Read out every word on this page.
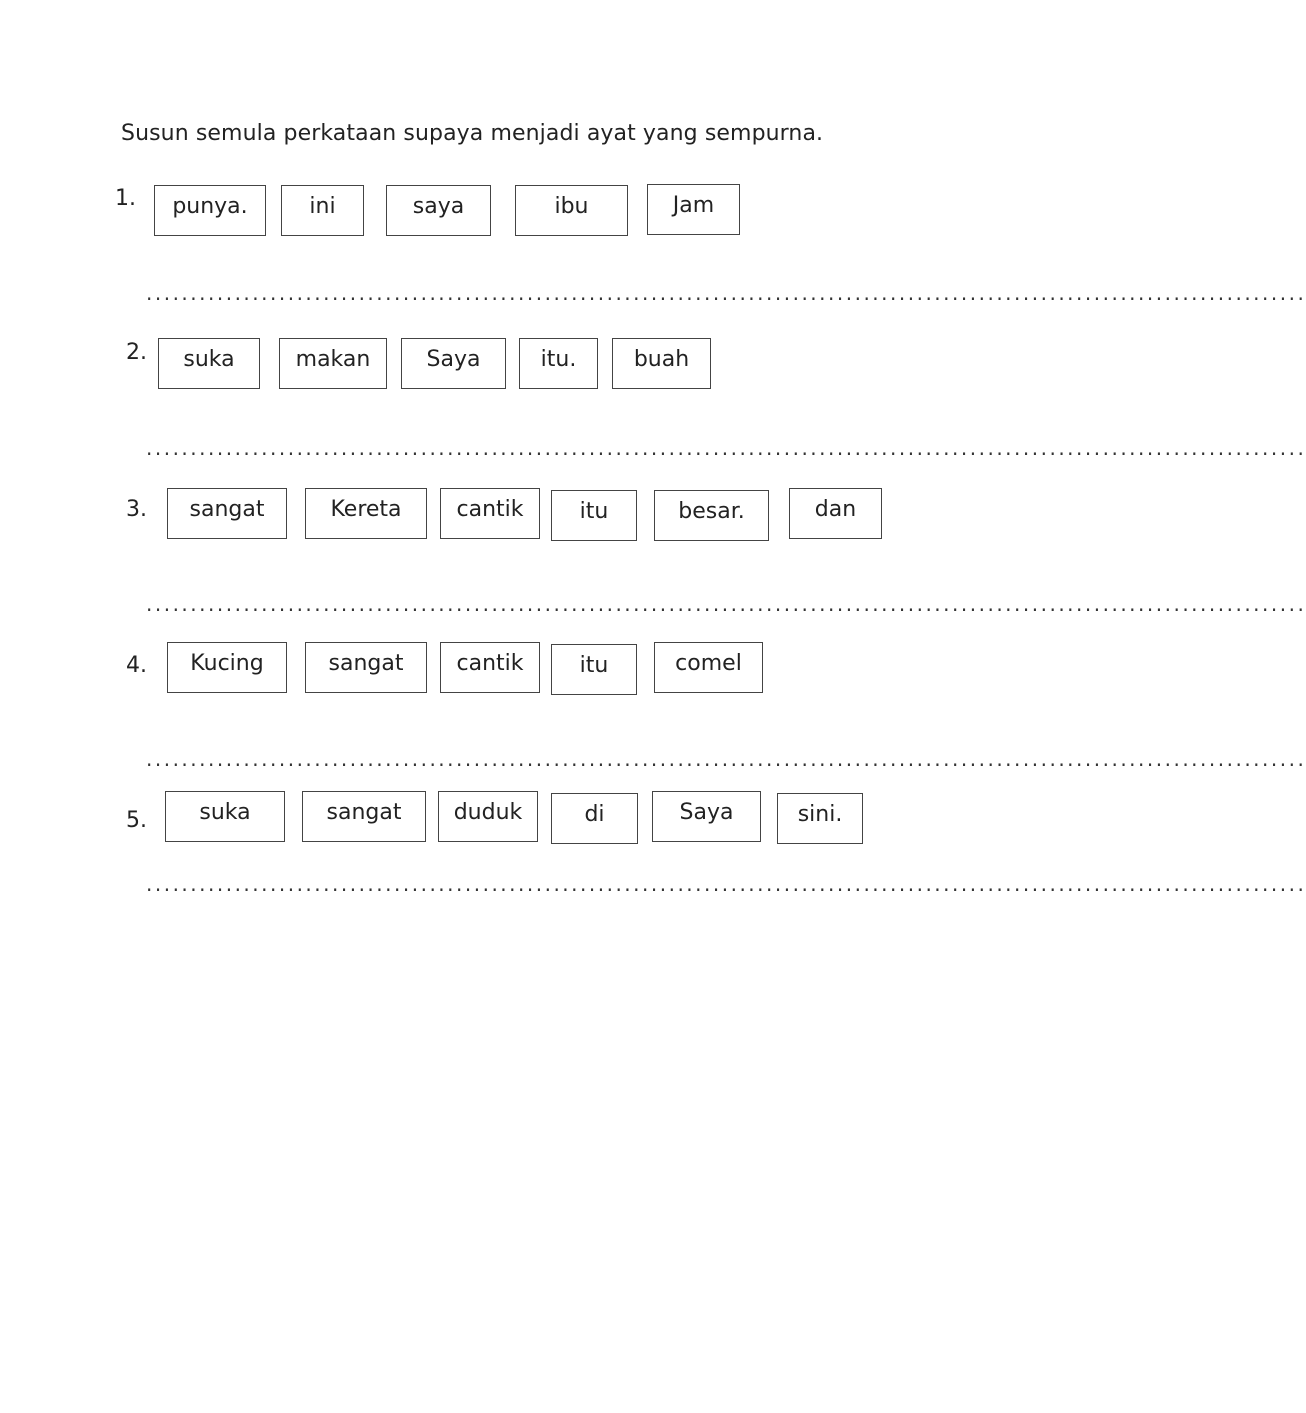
Susun semula perkataan supaya menjadi ayat yang sempurna.
1.	punya.	ini	saya	ibu	Jam
...................................................................................................................................
2.	suka	makan	Saya	itu.	buah
...................................................................................................................................
3.	sangat	Kereta	cantik	itu	besar.	dan
...................................................................................................................................
4.	Kucing	sangat	cantik	itu	comel
...................................................................................................................................
5.	suka	sangat	duduk	di	Saya	sini.
...................................................................................................................................
